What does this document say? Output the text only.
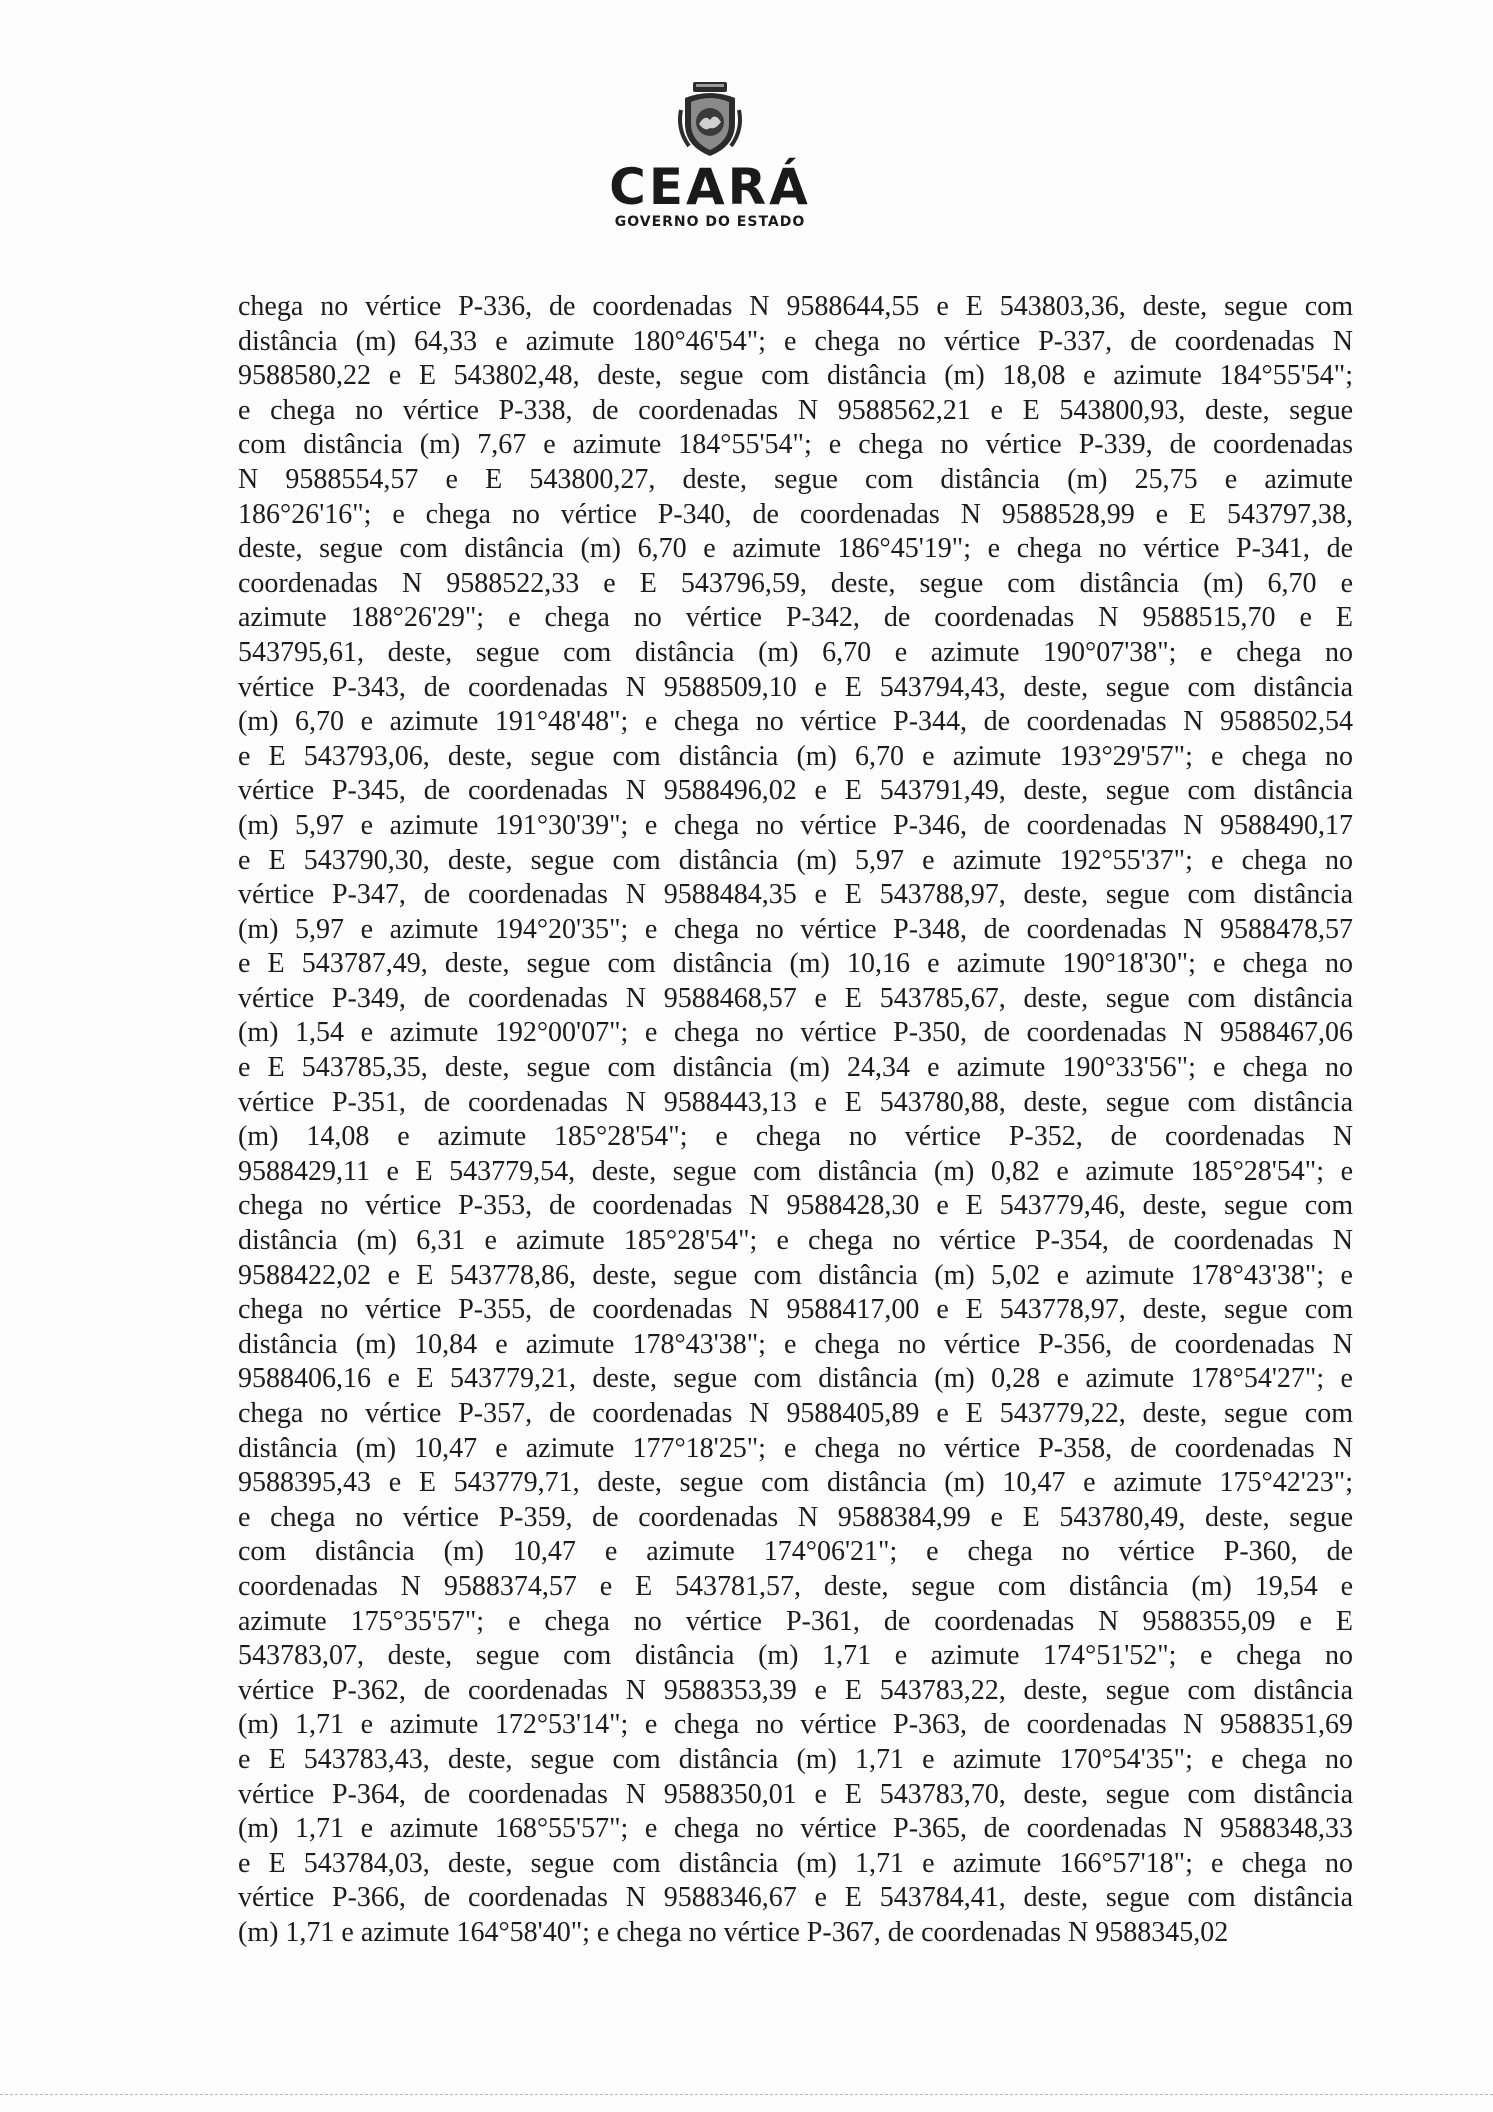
CEARÁ
GOVERNO DO ESTADO
chega no vértice P-336, de coordenadas N 9588644,55 e E 543803,36, deste, segue com
distância (m) 64,33 e azimute 180°46'54"; e chega no vértice P-337, de coordenadas N
9588580,22 e E 543802,48, deste, segue com distância (m) 18,08 e azimute 184°55'54";
e chega no vértice P-338, de coordenadas N 9588562,21 e E 543800,93, deste, segue
com distância (m) 7,67 e azimute 184°55'54"; e chega no vértice P-339, de coordenadas
N 9588554,57 e E 543800,27, deste, segue com distância (m) 25,75 e azimute
186°26'16"; e chega no vértice P-340, de coordenadas N 9588528,99 e E 543797,38,
deste, segue com distância (m) 6,70 e azimute 186°45'19"; e chega no vértice P-341, de
coordenadas N 9588522,33 e E 543796,59, deste, segue com distância (m) 6,70 e
azimute 188°26'29"; e chega no vértice P-342, de coordenadas N 9588515,70 e E
543795,61, deste, segue com distância (m) 6,70 e azimute 190°07'38"; e chega no
vértice P-343, de coordenadas N 9588509,10 e E 543794,43, deste, segue com distância
(m) 6,70 e azimute 191°48'48"; e chega no vértice P-344, de coordenadas N 9588502,54
e E 543793,06, deste, segue com distância (m) 6,70 e azimute 193°29'57"; e chega no
vértice P-345, de coordenadas N 9588496,02 e E 543791,49, deste, segue com distância
(m) 5,97 e azimute 191°30'39"; e chega no vértice P-346, de coordenadas N 9588490,17
e E 543790,30, deste, segue com distância (m) 5,97 e azimute 192°55'37"; e chega no
vértice P-347, de coordenadas N 9588484,35 e E 543788,97, deste, segue com distância
(m) 5,97 e azimute 194°20'35"; e chega no vértice P-348, de coordenadas N 9588478,57
e E 543787,49, deste, segue com distância (m) 10,16 e azimute 190°18'30"; e chega no
vértice P-349, de coordenadas N 9588468,57 e E 543785,67, deste, segue com distância
(m) 1,54 e azimute 192°00'07"; e chega no vértice P-350, de coordenadas N 9588467,06
e E 543785,35, deste, segue com distância (m) 24,34 e azimute 190°33'56"; e chega no
vértice P-351, de coordenadas N 9588443,13 e E 543780,88, deste, segue com distância
(m) 14,08 e azimute 185°28'54"; e chega no vértice P-352, de coordenadas N
9588429,11 e E 543779,54, deste, segue com distância (m) 0,82 e azimute 185°28'54"; e
chega no vértice P-353, de coordenadas N 9588428,30 e E 543779,46, deste, segue com
distância (m) 6,31 e azimute 185°28'54"; e chega no vértice P-354, de coordenadas N
9588422,02 e E 543778,86, deste, segue com distância (m) 5,02 e azimute 178°43'38"; e
chega no vértice P-355, de coordenadas N 9588417,00 e E 543778,97, deste, segue com
distância (m) 10,84 e azimute 178°43'38"; e chega no vértice P-356, de coordenadas N
9588406,16 e E 543779,21, deste, segue com distância (m) 0,28 e azimute 178°54'27"; e
chega no vértice P-357, de coordenadas N 9588405,89 e E 543779,22, deste, segue com
distância (m) 10,47 e azimute 177°18'25"; e chega no vértice P-358, de coordenadas N
9588395,43 e E 543779,71, deste, segue com distância (m) 10,47 e azimute 175°42'23";
e chega no vértice P-359, de coordenadas N 9588384,99 e E 543780,49, deste, segue
com distância (m) 10,47 e azimute 174°06'21"; e chega no vértice P-360, de
coordenadas N 9588374,57 e E 543781,57, deste, segue com distância (m) 19,54 e
azimute 175°35'57"; e chega no vértice P-361, de coordenadas N 9588355,09 e E
543783,07, deste, segue com distância (m) 1,71 e azimute 174°51'52"; e chega no
vértice P-362, de coordenadas N 9588353,39 e E 543783,22, deste, segue com distância
(m) 1,71 e azimute 172°53'14"; e chega no vértice P-363, de coordenadas N 9588351,69
e E 543783,43, deste, segue com distância (m) 1,71 e azimute 170°54'35"; e chega no
vértice P-364, de coordenadas N 9588350,01 e E 543783,70, deste, segue com distância
(m) 1,71 e azimute 168°55'57"; e chega no vértice P-365, de coordenadas N 9588348,33
e E 543784,03, deste, segue com distância (m) 1,71 e azimute 166°57'18"; e chega no
vértice P-366, de coordenadas N 9588346,67 e E 543784,41, deste, segue com distância
(m) 1,71 e azimute 164°58'40"; e chega no vértice P-367, de coordenadas N 9588345,02
